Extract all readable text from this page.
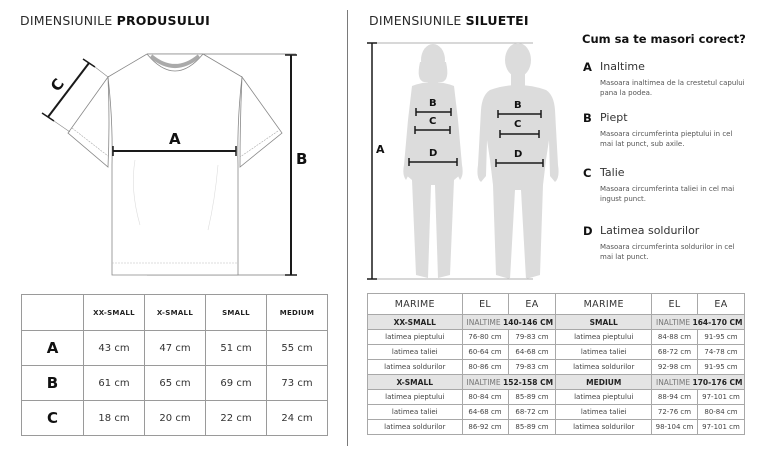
DIMENSIUNILE PRODUSULUI
A
B
C
	XX-SMALL	X-SMALL	SMALL	MEDIUM
A	43 cm	47 cm	51 cm	55 cm
B	61 cm	65 cm	69 cm	73 cm
C	18 cm	20 cm	22 cm	24 cm
DIMENSIUNILE SILUETEI
A
B
C
D
B
C
D
Cum sa te masori corect?
A Inaltime
Masoara inaltimea de la crestetul capului pana la podea.
B Piept
Masoara circumferinta pieptului in cel mai lat punct, sub axile.
C Talie
Masoara circumferinta taliei in cel mai ingust punct.
D Latimea soldurilor
Masoara circumferinta soldurilor in cel mai lat punct.
MARIME	EL	EA	MARIME	EL	EA
XX-SMALL	INALTIME 140-146 CM		SMALL	INALTIME 164-170 CM	
latimea pieptului	76-80 cm	79-83 cm	latimea pieptului	84-88 cm	91-95 cm
latimea taliei	60-64 cm	64-68 cm	latimea taliei	68-72 cm	74-78 cm
latimea soldurilor	80-86 cm	79-83 cm	latimea soldurilor	92-98 cm	91-95 cm
X-SMALL	INALTIME 152-158 CM		MEDIUM	INALTIME 170-176 CM	
latimea pieptului	80-84 cm	85-89 cm	latimea pieptului	88-94 cm	97-101 cm
latimea taliei	64-68 cm	68-72 cm	latimea taliei	72-76 cm	80-84 cm
latimea soldurilor	86-92 cm	85-89 cm	latimea soldurilor	98-104 cm	97-101 cm
